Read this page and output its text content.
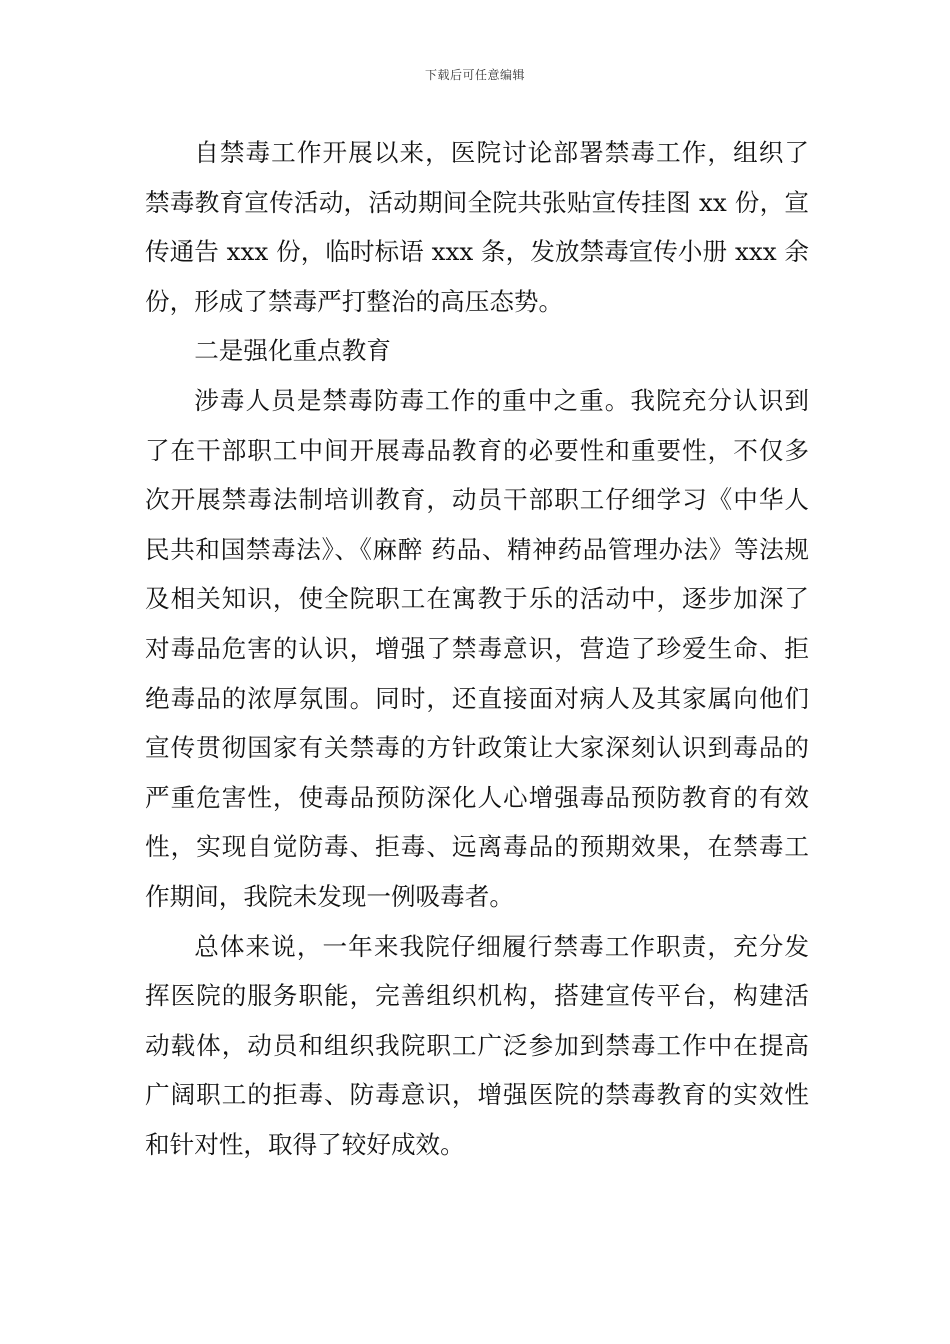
下载后可任意编辑

自禁毒工作开展以来，医院讨论部署禁毒工作，组织了禁毒教育宣传活动，活动期间全院共张贴宣传挂图 xx 份，宣传通告 xxx 份，临时标语 xxx 条，发放禁毒宣传小册 xxx 余份，形成了禁毒严打整治的高压态势。

二是强化重点教育

涉毒人员是禁毒防毒工作的重中之重。我院充分认识到了在干部职工中间开展毒品教育的必要性和重要性，不仅多次开展禁毒法制培训教育，动员干部职工仔细学习《中华人民共和国禁毒法》、《麻醉 药品、精神药品管理办法》等法规及相关知识，使全院职工在寓教于乐的活动中，逐步加深了对毒品危害的认识，增强了禁毒意识，营造了珍爱生命、拒绝毒品的浓厚氛围。同时，还直接面对病人及其家属向他们宣传贯彻国家有关禁毒的方针政策让大家深刻认识到毒品的严重危害性，使毒品预防深化人心增强毒品预防教育的有效性，实现自觉防毒、拒毒、远离毒品的预期效果，在禁毒工作期间，我院未发现一例吸毒者。

总体来说，一年来我院仔细履行禁毒工作职责，充分发挥医院的服务职能，完善组织机构，搭建宣传平台，构建活动载体，动员和组织我院职工广泛参加到禁毒工作中在提高广阔职工的拒毒、防毒意识，增强医院的禁毒教育的实效性和针对性，取得了较好成效。
